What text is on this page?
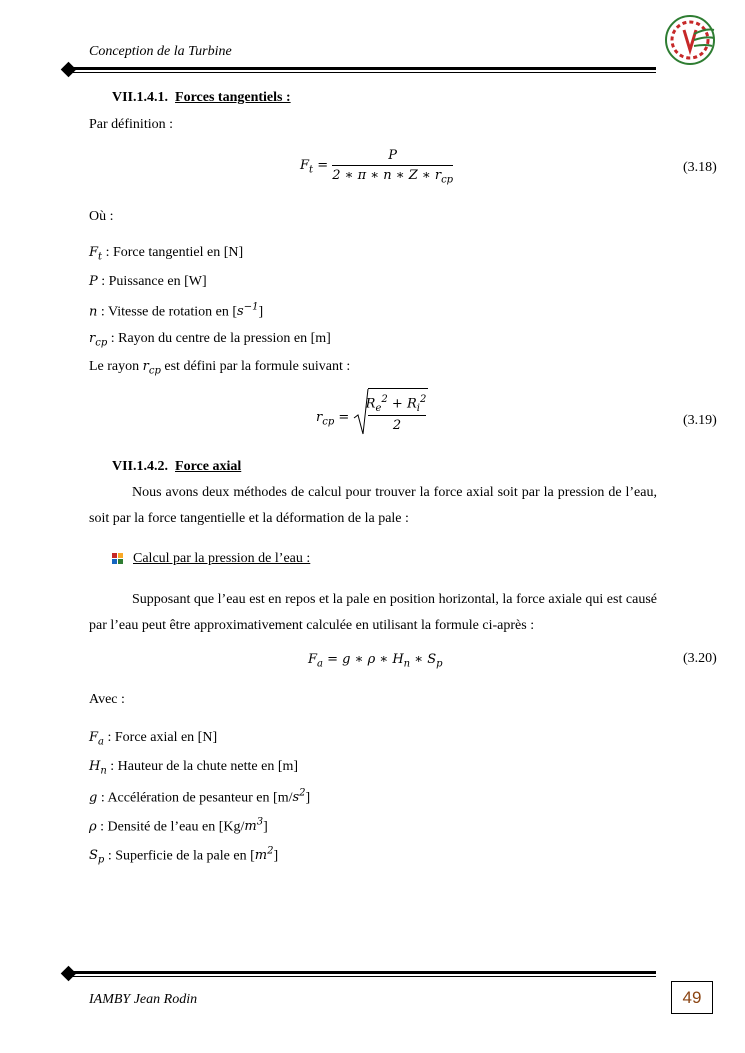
Conception de la Turbine
VII.1.4.1. Forces tangentiels :
Par définition :
$F_t = \frac{P}{2 ∗ \pi ∗ n ∗ Z ∗ r_{cp}}$	(3.18)
Où :
$F_t$ : Force tangentiel en [N]
P : Puissance en [W]
n : Vitesse de rotation en $[s^{-1}]$
$r_{cp}$ : Rayon du centre de la pression en [m]
Le rayon $r_{cp}$ est défini par la formule suivant :
$r_{cp}$ =
$R_e^2 + R_i^2$
2	(3.19)
VII.1.4.2. Force axial
Nous avons deux méthodes de calcul pour trouver la force axial soit par la pression de l’eau, soit par la force tangentielle et la déformation de la pale :
Calcul par la pression de l’eau :
Supposant que l’eau est en repos et la pale en position horizontal, la force axiale qui est causé par l’eau peut être approximativement calculée en utilisant la formule ci-après :
$F_a = g$ ∗ ρ ∗ $H_n$ ∗ $S_p$	(3.20)
Avec :
$F_a$ : Force axial en [N]
$H_n$ : Hauteur de la chute nette en [m]
g : Accélération de pesanteur en $[m/s^2]$
ρ : Densité de l’eau en $[Kg/m^3]$
$S_p$ : Superficie de la pale en $[m^2]$
IAMBY Jean Rodin	49
